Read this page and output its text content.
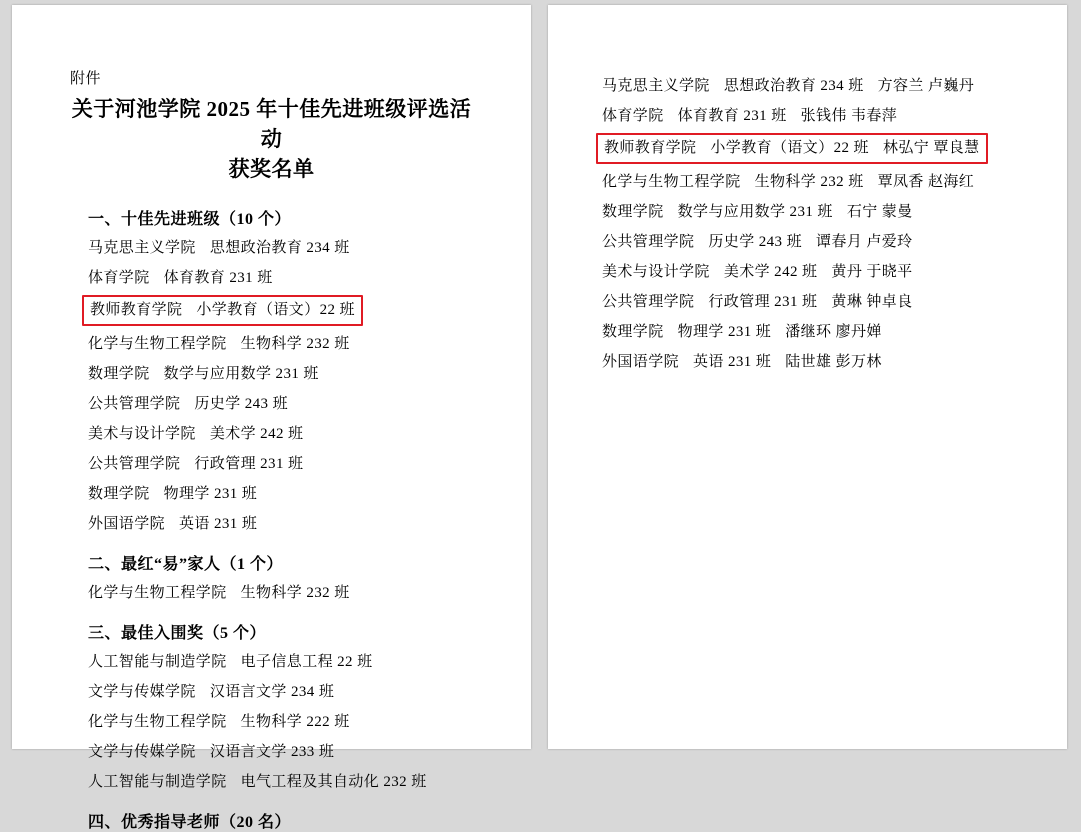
附件
关于河池学院 2025 年十佳先进班级评选活动
获奖名单
一、十佳先进班级（10 个）
马克思主义学院 思想政治教育 234 班
体育学院 体育教育 231 班
教师教育学院 小学教育（语文）22 班
化学与生物工程学院 生物科学 232 班
数理学院 数学与应用数学 231 班
公共管理学院 历史学 243 班
美术与设计学院 美术学 242 班
公共管理学院 行政管理 231 班
数理学院 物理学 231 班
外国语学院 英语 231 班
二、最红“易”家人（1 个）
化学与生物工程学院 生物科学 232 班
三、最佳入围奖（5 个）
人工智能与制造学院 电子信息工程 22 班
文学与传媒学院 汉语言文学 234 班
化学与生物工程学院 生物科学 222 班
文学与传媒学院 汉语言文学 233 班
人工智能与制造学院 电气工程及其自动化 232 班
四、优秀指导老师（20 名）
马克思主义学院 思想政治教育 234 班 方容兰 卢巍丹
体育学院 体育教育 231 班 张钱伟 韦春萍
教师教育学院 小学教育（语文）22 班 林弘宁 覃良慧
化学与生物工程学院 生物科学 232 班 覃凤香 赵海红
数理学院 数学与应用数学 231 班 石宁 蒙曼
公共管理学院 历史学 243 班 谭春月 卢爱玲
美术与设计学院 美术学 242 班 黄丹 于晓平
公共管理学院 行政管理 231 班 黄琳 钟卓良
数理学院 物理学 231 班 潘继环 廖丹婵
外国语学院 英语 231 班 陆世雄 彭万林
